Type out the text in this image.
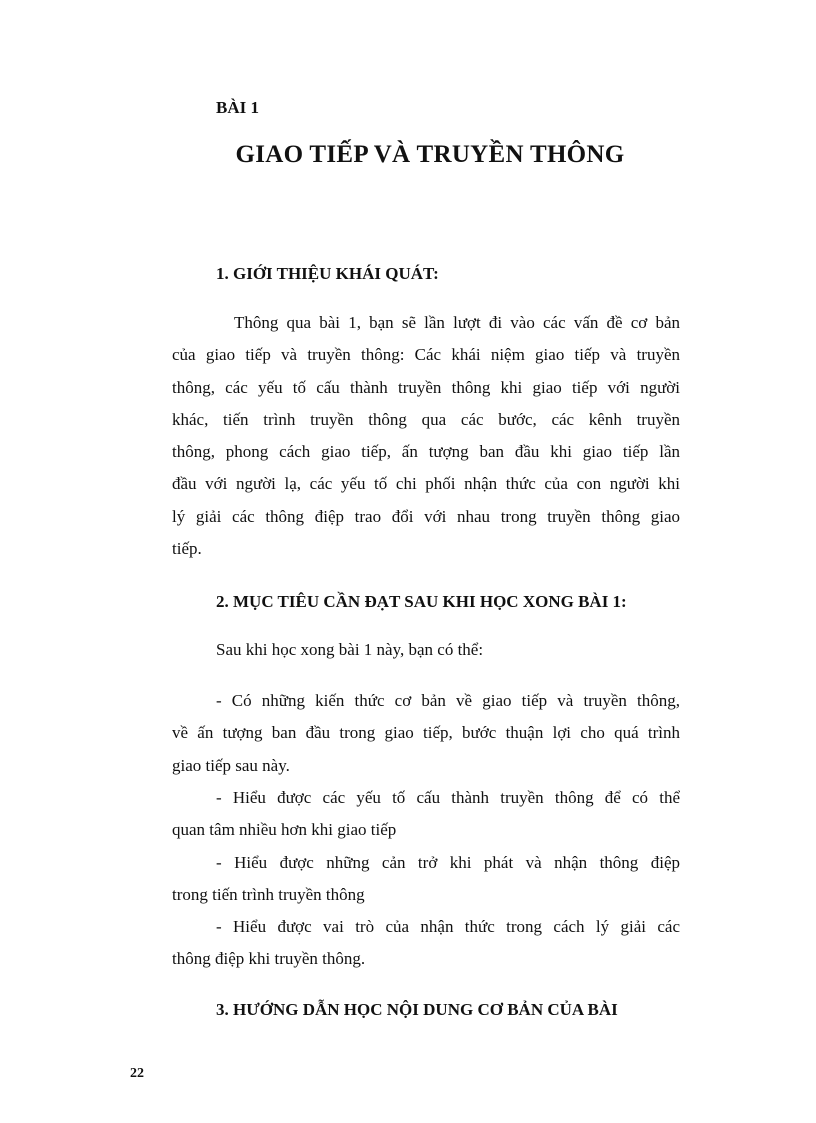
BÀI 1
GIAO TIẾP VÀ TRUYỀN THÔNG
1. GIỚI THIỆU KHÁI QUÁT:
Thông qua bài 1, bạn sẽ lần lượt đi vào các vấn đề cơ bản
của giao tiếp và truyền thông: Các khái niệm giao tiếp và truyền
thông, các yếu tố cấu thành truyền thông khi giao tiếp với người
khác, tiến trình truyền thông qua các bước, các kênh truyền
thông, phong cách giao tiếp, ấn tượng ban đầu khi giao tiếp lần
đầu với người lạ, các yếu tố chi phối nhận thức của con người khi
lý giải các thông điệp trao đổi với nhau trong truyền thông giao
tiếp.
2. MỤC TIÊU CẦN ĐẠT SAU KHI HỌC XONG BÀI 1:
Sau khi học xong bài 1 này, bạn có thể:
- Có những kiến thức cơ bản về giao tiếp và truyền thông,
về ấn tượng ban đầu trong giao tiếp, bước thuận lợi cho quá trình
giao tiếp sau này.
- Hiểu được các yếu tố cấu thành truyền thông để có thể
quan tâm nhiều hơn khi giao tiếp
- Hiểu được những cản trở khi phát và nhận thông điệp
trong tiến trình truyền thông
- Hiểu được vai trò của nhận thức trong cách lý giải các
thông điệp khi truyền thông.
3. HƯỚNG DẪN HỌC NỘI DUNG CƠ BẢN CỦA BÀI
22
